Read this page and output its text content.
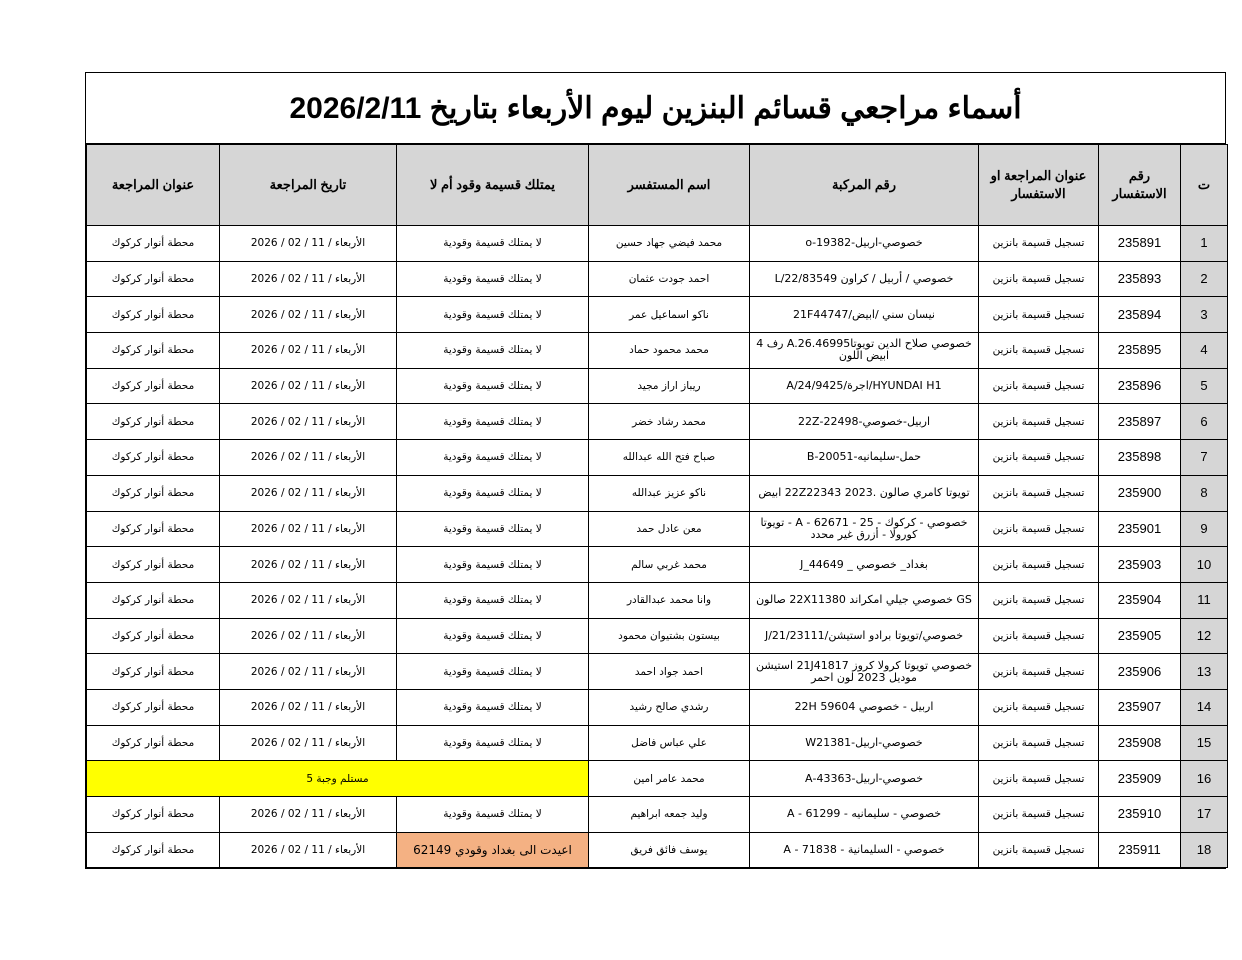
أسماء مراجعي قسائم البنزين ليوم الأربعاء بتاريخ 2026/2/11
ت	رقم الاستفسار	عنوان المراجعة او الاستفسار	رقم المركبة	اسم المستفسر	يمتلك قسيمة وقود أم لا	تاريخ المراجعة	عنوان المراجعة
1	235891	تسجيل قسيمة بانزين	خصوصي-اربيل-19382-o	محمد فيضي جهاد حسين	لا يمتلك قسيمة وقودية	الأربعاء / 11 / 02 / 2026	محطة أنوار كركوك
2	235893	تسجيل قسيمة بانزين	خصوصي / أربيل / كراون L/22/83549	احمد جودت عثمان	لا يمتلك قسيمة وقودية	الأربعاء / 11 / 02 / 2026	محطة أنوار كركوك
3	235894	تسجيل قسيمة بانزين	نيسان سني /ابيض/21F44747	ناكو اسماعيل عمر	لا يمتلك قسيمة وقودية	الأربعاء / 11 / 02 / 2026	محطة أنوار كركوك
4	235895	تسجيل قسيمة بانزين	خصوصي صلاح الدين تويوتاA.26.46995 رف 4 ابيض اللون	محمد محمود حماد	لا يمتلك قسيمة وقودية	الأربعاء / 11 / 02 / 2026	محطة أنوار كركوك
5	235896	تسجيل قسيمة بانزين	HYUNDAI H1/اجرة/9425/A/24	ريباز اراز مجيد	لا يمتلك قسيمة وقودية	الأربعاء / 11 / 02 / 2026	محطة أنوار كركوك
6	235897	تسجيل قسيمة بانزين	اربيل-خصوصي-22498-22Z	محمد رشاد خضر	لا يمتلك قسيمة وقودية	الأربعاء / 11 / 02 / 2026	محطة أنوار كركوك
7	235898	تسجيل قسيمة بانزين	حمل-سليمانيه-20051-B	صباح فتح الله عبدالله	لا يمتلك قسيمة وقودية	الأربعاء / 11 / 02 / 2026	محطة أنوار كركوك
8	235900	تسجيل قسيمة بانزين	تويوتا كامري صالون .2023 22Z22343 ابيض	ناكو عزيز عبدالله	لا يمتلك قسيمة وقودية	الأربعاء / 11 / 02 / 2026	محطة أنوار كركوك
9	235901	تسجيل قسيمة بانزين	خصوصي - كركوك - 25 - 62671 - A - تويوتا كورولا - أزرق غير محدد	معن عادل حمد	لا يمتلك قسيمة وقودية	الأربعاء / 11 / 02 / 2026	محطة أنوار كركوك
10	235903	تسجيل قسيمة بانزين	بغداد_ خصوصي _ 44649_J	محمد غربي سالم	لا يمتلك قسيمة وقودية	الأربعاء / 11 / 02 / 2026	محطة أنوار كركوك
11	235904	تسجيل قسيمة بانزين	GS خصوصي جيلي امكراند 22X11380 صالون	وانا محمد عبدالقادر	لا يمتلك قسيمة وقودية	الأربعاء / 11 / 02 / 2026	محطة أنوار كركوك
12	235905	تسجيل قسيمة بانزين	خصوصي/تويوتا برادو استيشن/23111/J/21	بيستون بشتيوان محمود	لا يمتلك قسيمة وقودية	الأربعاء / 11 / 02 / 2026	محطة أنوار كركوك
13	235906	تسجيل قسيمة بانزين	خصوصي تويوتا كرولا كروز 21J41817 استيشن موديل 2023 لون احمر	احمد جواد احمد	لا يمتلك قسيمة وقودية	الأربعاء / 11 / 02 / 2026	محطة أنوار كركوك
14	235907	تسجيل قسيمة بانزين	اربيل - خصوصي 59604 22H	رشدي صالح رشيد	لا يمتلك قسيمة وقودية	الأربعاء / 11 / 02 / 2026	محطة أنوار كركوك
15	235908	تسجيل قسيمة بانزين	خصوصي-اربيل-W21381	علي عباس فاضل	لا يمتلك قسيمة وقودية	الأربعاء / 11 / 02 / 2026	محطة أنوار كركوك
16	235909	تسجيل قسيمة بانزين	خصوصي-اربيل-43363-A	محمد عامر امين	مستلم وجبة 5		
17	235910	تسجيل قسيمة بانزين	خصوصي - سليمانيه - 61299 - A	وليد جمعه ابراهيم	لا يمتلك قسيمة وقودية	الأربعاء / 11 / 02 / 2026	محطة أنوار كركوك
18	235911	تسجيل قسيمة بانزين	خصوصي - السليمانية - 71838 - A	يوسف فائق فريق	اعيدت الى بغداد وقودي 62149	الأربعاء / 11 / 02 / 2026	محطة أنوار كركوك
